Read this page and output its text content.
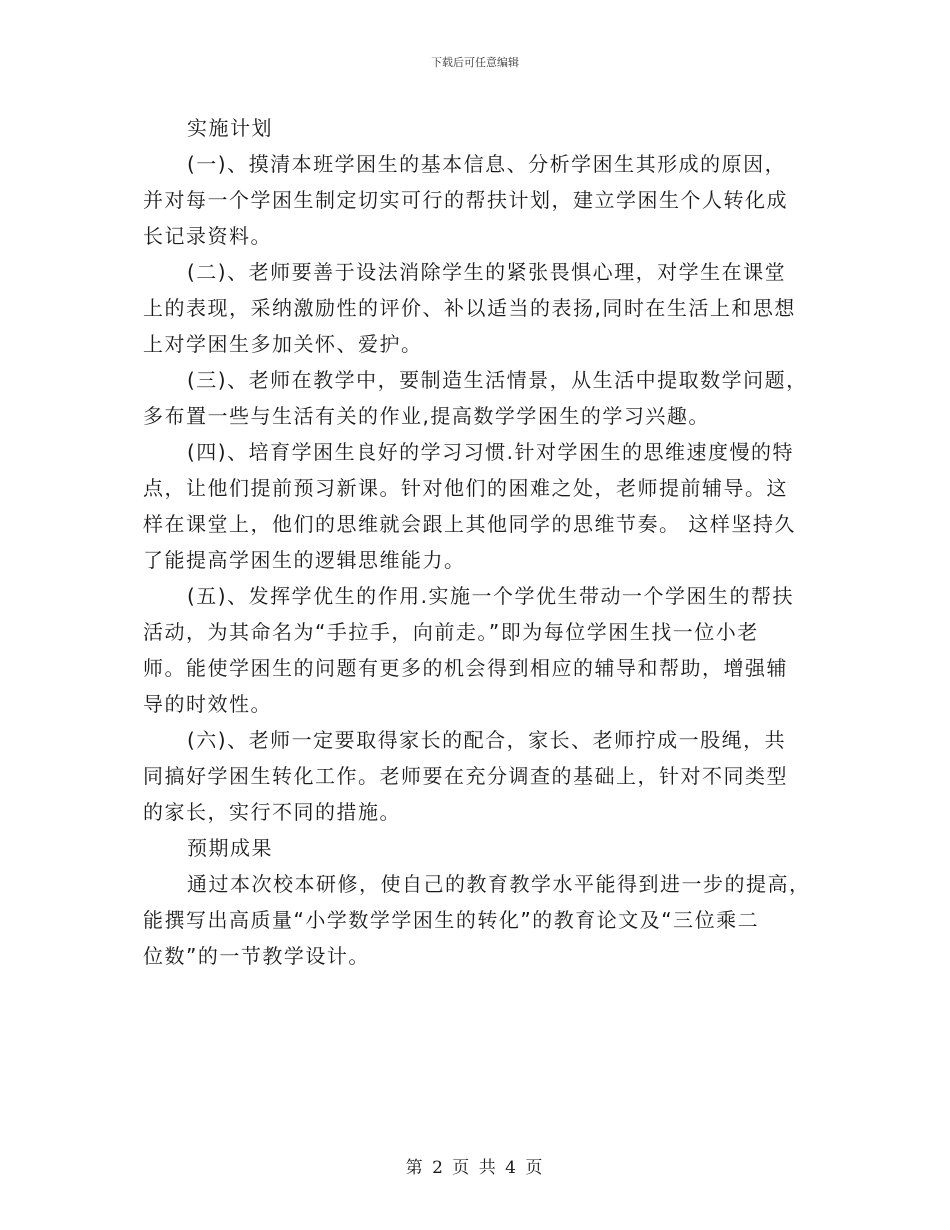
下载后可任意编辑
实施计划
(一)、摸清本班学困生的基本信息、分析学困生其形成的原因，
并对每一个学困生制定切实可行的帮扶计划，建立学困生个人转化成
长记录资料。
(二)、老师要善于设法消除学生的紧张畏惧心理，对学生在课堂
上的表现，采纳激励性的评价、补以适当的表扬,同时在生活上和思想
上对学困生多加关怀、爱护。
(三)、老师在教学中，要制造生活情景，从生活中提取数学问题，
多布置一些与生活有关的作业,提高数学学困生的学习兴趣。
(四)、培育学困生良好的学习习惯.针对学困生的思维速度慢的特
点，让他们提前预习新课。针对他们的困难之处，老师提前辅导。这
样在课堂上，他们的思维就会跟上其他同学的思维节奏。 这样坚持久
了能提高学困生的逻辑思维能力。
(五)、发挥学优生的作用.实施一个学优生带动一个学困生的帮扶
活动，为其命名为“手拉手，向前走。”即为每位学困生找一位小老
师。能使学困生的问题有更多的机会得到相应的辅导和帮助，增强辅
导的时效性。
(六)、老师一定要取得家长的配合，家长、老师拧成一股绳，共
同搞好学困生转化工作。老师要在充分调查的基础上，针对不同类型
的家长，实行不同的措施。
预期成果
通过本次校本研修，使自己的教育教学水平能得到进一步的提高，
能撰写出高质量“小学数学学困生的转化”的教育论文及“三位乘二
位数”的一节教学设计。
第 2 页 共 4 页
